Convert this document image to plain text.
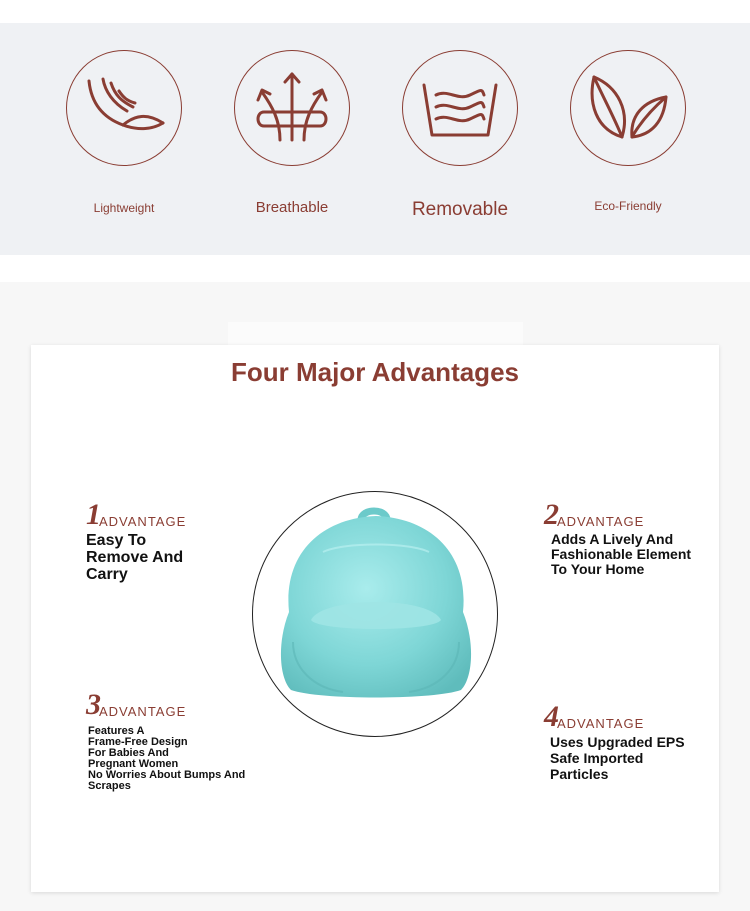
Lightweight	Breathable	Removable	Eco-Friendly
Four Major Advantages
1ADVANTAGE
Easy To
Remove And
Carry
2ADVANTAGE
Adds A Lively And
Fashionable Element
To Your Home
3ADVANTAGE
Features A
Frame-Free Design
For Babies And
Pregnant Women
No Worries About Bumps And
Scrapes
4ADVANTAGE
Uses Upgraded EPS
Safe Imported
Particles
